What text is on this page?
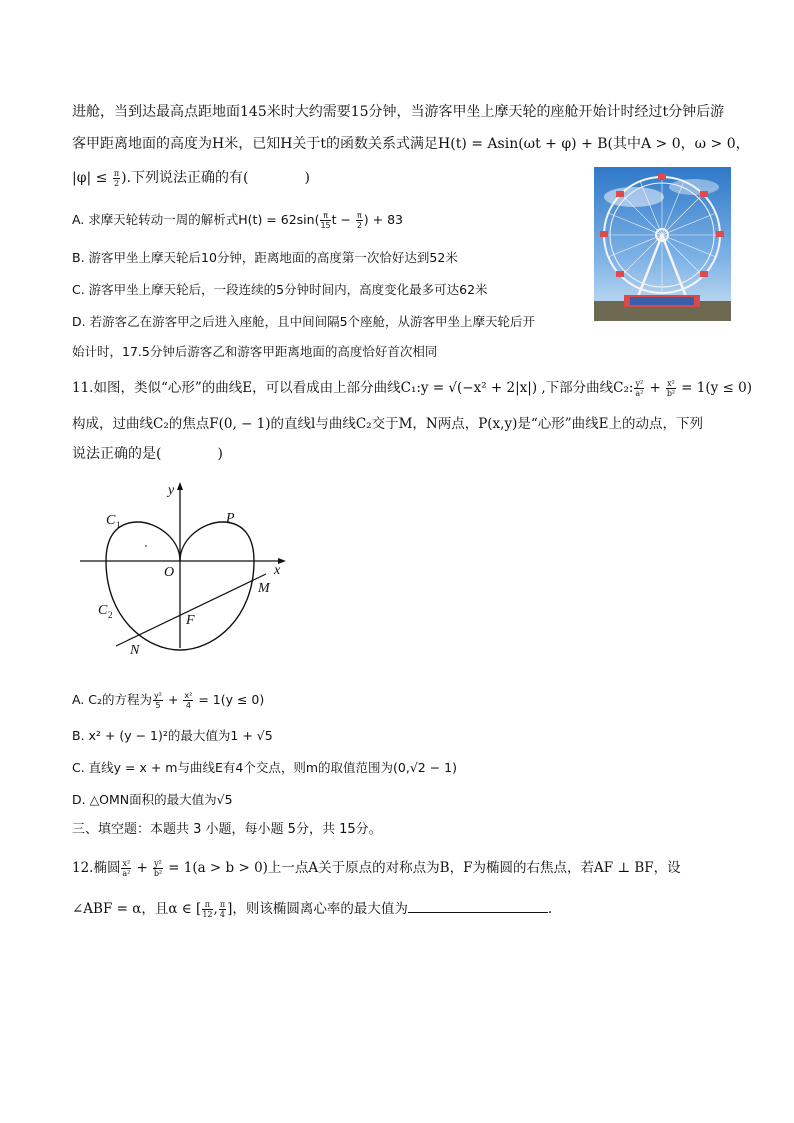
进舱，当到达最高点距地面145米时大约需要15分钟，当游客甲坐上摩天轮的座舱开始计时经过t分钟后游
客甲距离地面的高度为H米，已知H关于t的函数关系式满足H(t) = Asin(ωt + φ) + B(其中A > 0，ω > 0，
$|\varphi| \le \frac{\pi}{2}$ ).下列说法正确的有(　　　　)
A. 求摩天轮转动一周的解析式$H(t) = 62\sin( \frac{\pi}{15}$ $t - \frac{\pi}{2}$ ) + 83
B. 游客甲坐上摩天轮后10分钟，距离地面的高度第一次恰好达到52米
C. 游客甲坐上摩天轮后，一段连续的5分钟时间内，高度变化最多可达62米
D. 若游客乙在游客甲之后进入座舱，且中间间隔5个座舱，从游客甲坐上摩天轮后开
始计时，17.5分钟后游客乙和游客甲距离地面的高度恰好首次相同
11.如图，类似“心形”的曲线E，可以看成由上部分曲线C₁:y = √(−x² + 2|x|) ,下部分曲线C₂: $\frac{\text{y²}}{\text{a²}} + \frac{\text{x²}}{\text{b²}} = 1(y \le 0)$
构成，过曲线C₂的焦点F(0, − 1)的直线l与曲线C₂交于M，N两点，P(x,y)是“心形”曲线E上的动点，下列
说法正确的是(　　　　)
y
x
C 1
C 2
P
O
M
F
N
A. C₂的方程为 $\frac{\text{y²}}{5} + \frac{\text{x²}}{4} = 1(y \le 0)$
B. x² + (y − 1)²的最大值为1 + √5
C. 直线y = x + m与曲线E有4个交点，则m的取值范围为(0,√2 − 1)
D. △OMN面积的最大值为√5
三、填空题：本题共 3 小题，每小题 5分，共 15分。
12.椭圆 $\frac{\text{x²}}{\text{a²}} + \frac{\text{y²}}{\text{b²}} = 1(a > b > 0)$上一点A关于原点的对称点为B，F为椭圆的右焦点，若AF ⊥ BF，设
∠ABF = α，且α ∈ [ $\frac{\pi}{12}$ , $\frac{\pi}{4}$ ]，则该椭圆离心率的最大值为	.
